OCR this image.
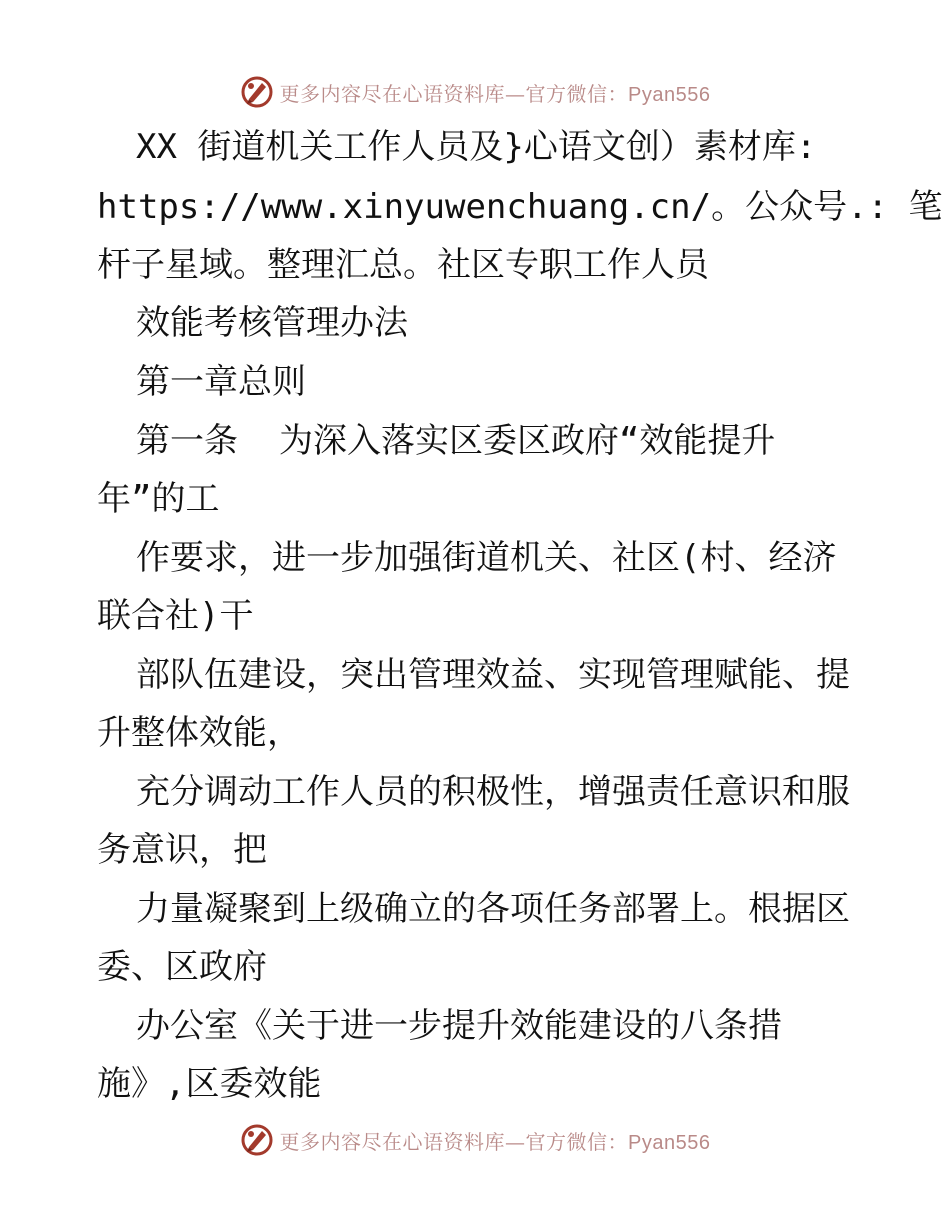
更多内容尽在心语资料库—官方微信：Pyan556
XX 街道机关工作人员及}心语文创）素材库:
https://www.xinyuwenchuang.cn/。公众号.: 笔
杆子星域。整理汇总。社区专职工作人员
效能考核管理办法
第一章总则
第一条  为深入落实区委区政府“效能提升
年”的工
作要求，进一步加强街道机关、社区(村、经济
联合社)干
部队伍建设，突出管理效益、实现管理赋能、提
升整体效能，
充分调动工作人员的积极性，增强责任意识和服
务意识，把
力量凝聚到上级确立的各项任务部署上。根据区
委、区政府
办公室《关于进一步提升效能建设的八条措
施》,区委效能
更多内容尽在心语资料库—官方微信：Pyan556
